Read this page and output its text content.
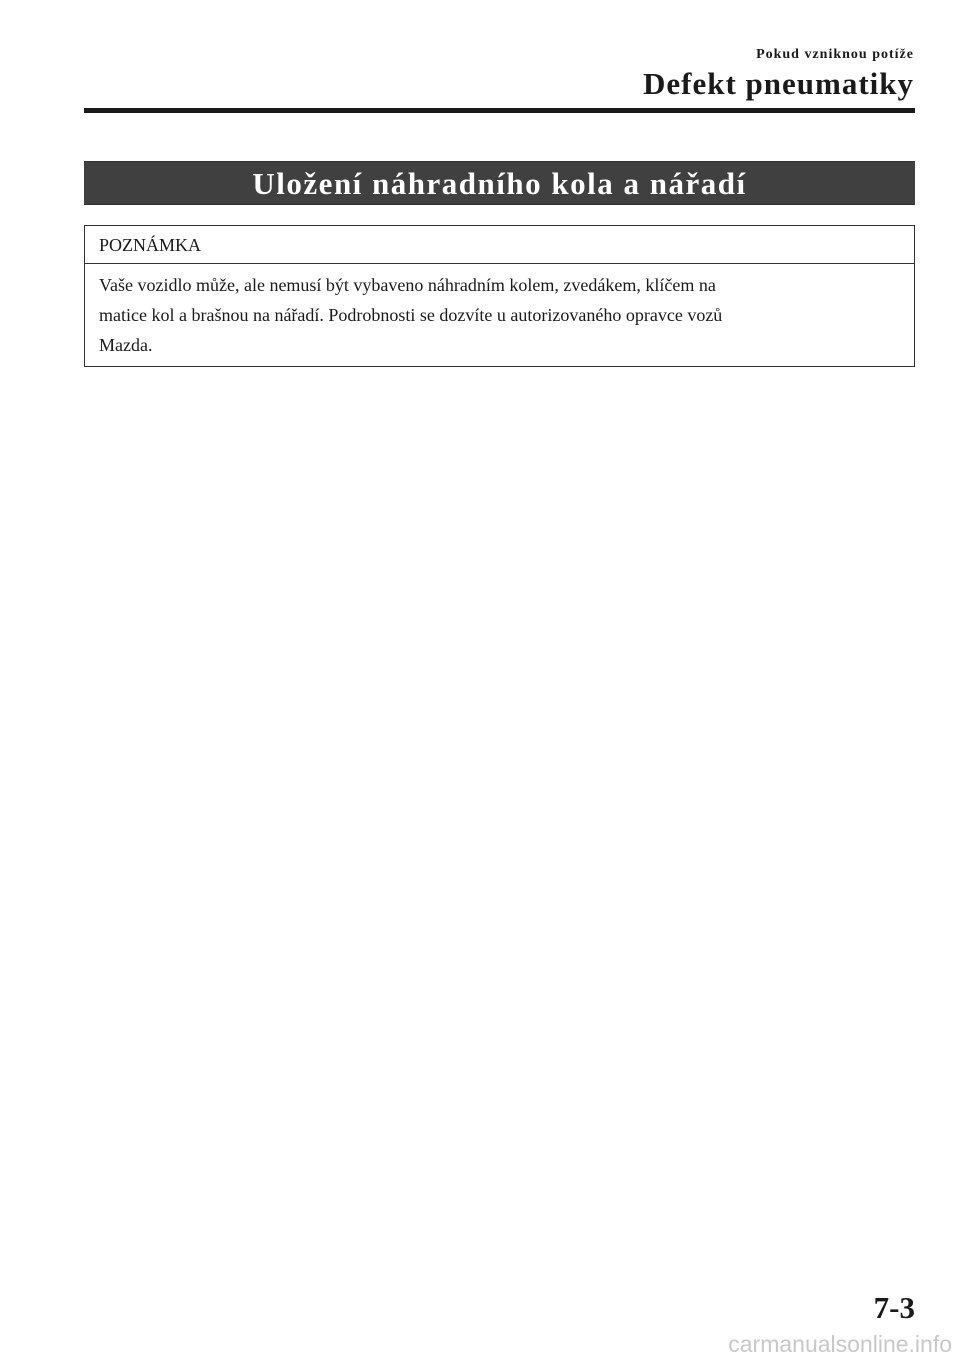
Pokud vzniknou potíže

Defekt pneumatiky

Uložení náhradního kola a nářadí
POZNÁMKA
Vaše vozidlo může, ale nemusí být vybaveno náhradním kolem, zvedákem, klíčem na
matice kol a brašnou na nářadí. Podrobnosti se dozvíte u autorizovaného opravce vozů
Mazda.
7-3
carmanualsonline.info
